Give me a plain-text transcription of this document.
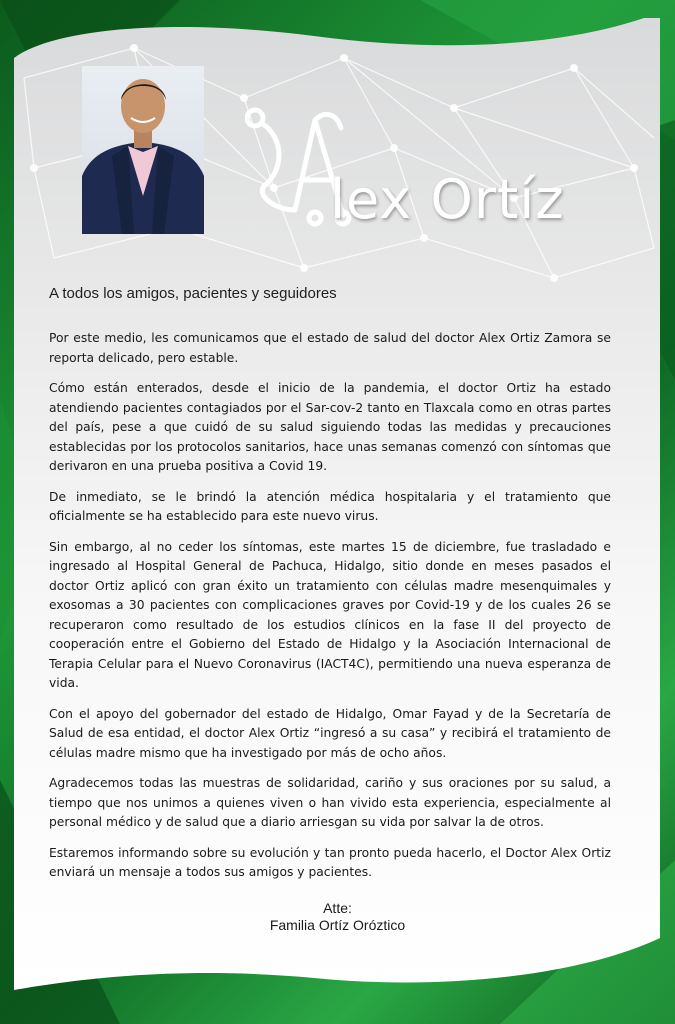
lex Ortíz
A todos los amigos, pacientes y seguidores

Por este medio, les comunicamos que el estado de salud del doctor Alex Ortiz Zamora se reporta delicado, pero estable.

Cómo están enterados, desde el inicio de la pandemia, el doctor Ortiz ha estado atendiendo pacientes contagiados por el Sar-cov-2 tanto en Tlaxcala como en otras partes del país, pese a que cuidó de su salud siguiendo todas las medidas y precauciones establecidas por los protocolos sanitarios, hace unas semanas comenzó con síntomas que derivaron en una prueba positiva a Covid 19.

De inmediato, se le brindó la atención médica hospitalaria y el tratamiento que oficialmente se ha establecido para este nuevo virus.

Sin embargo, al no ceder los síntomas, este martes 15 de diciembre, fue trasladado e ingresado al Hospital General de Pachuca, Hidalgo, sitio donde en meses pasados el doctor Ortiz aplicó con gran éxito un tratamiento con células madre mesenquimales y exosomas a 30 pacientes con complicaciones graves por Covid-19 y de los cuales 26 se recuperaron como resultado de los estudios clínicos en la fase II del proyecto de cooperación entre el Gobierno del Estado de Hidalgo y la Asociación Internacional de Terapia Celular para el Nuevo Coronavirus (IACT4C), permitiendo una nueva esperanza de vida.

Con el apoyo del gobernador del estado de Hidalgo, Omar Fayad y de la Secretaría de Salud de esa entidad, el doctor Alex Ortiz “ingresó a su casa” y recibirá el tratamiento de células madre mismo que ha investigado por más de ocho años.

Agradecemos todas las muestras de solidaridad, cariño y sus oraciones por su salud, a tiempo que nos unimos a quienes viven o han vivido esta experiencia, especialmente al personal médico y de salud que a diario arriesgan su vida por salvar la de otros.

Estaremos informando sobre su evolución y tan pronto pueda hacerlo, el Doctor Alex Ortiz enviará un mensaje a todos sus amigos y pacientes.

Atte:
Familia Ortíz Oróztico
